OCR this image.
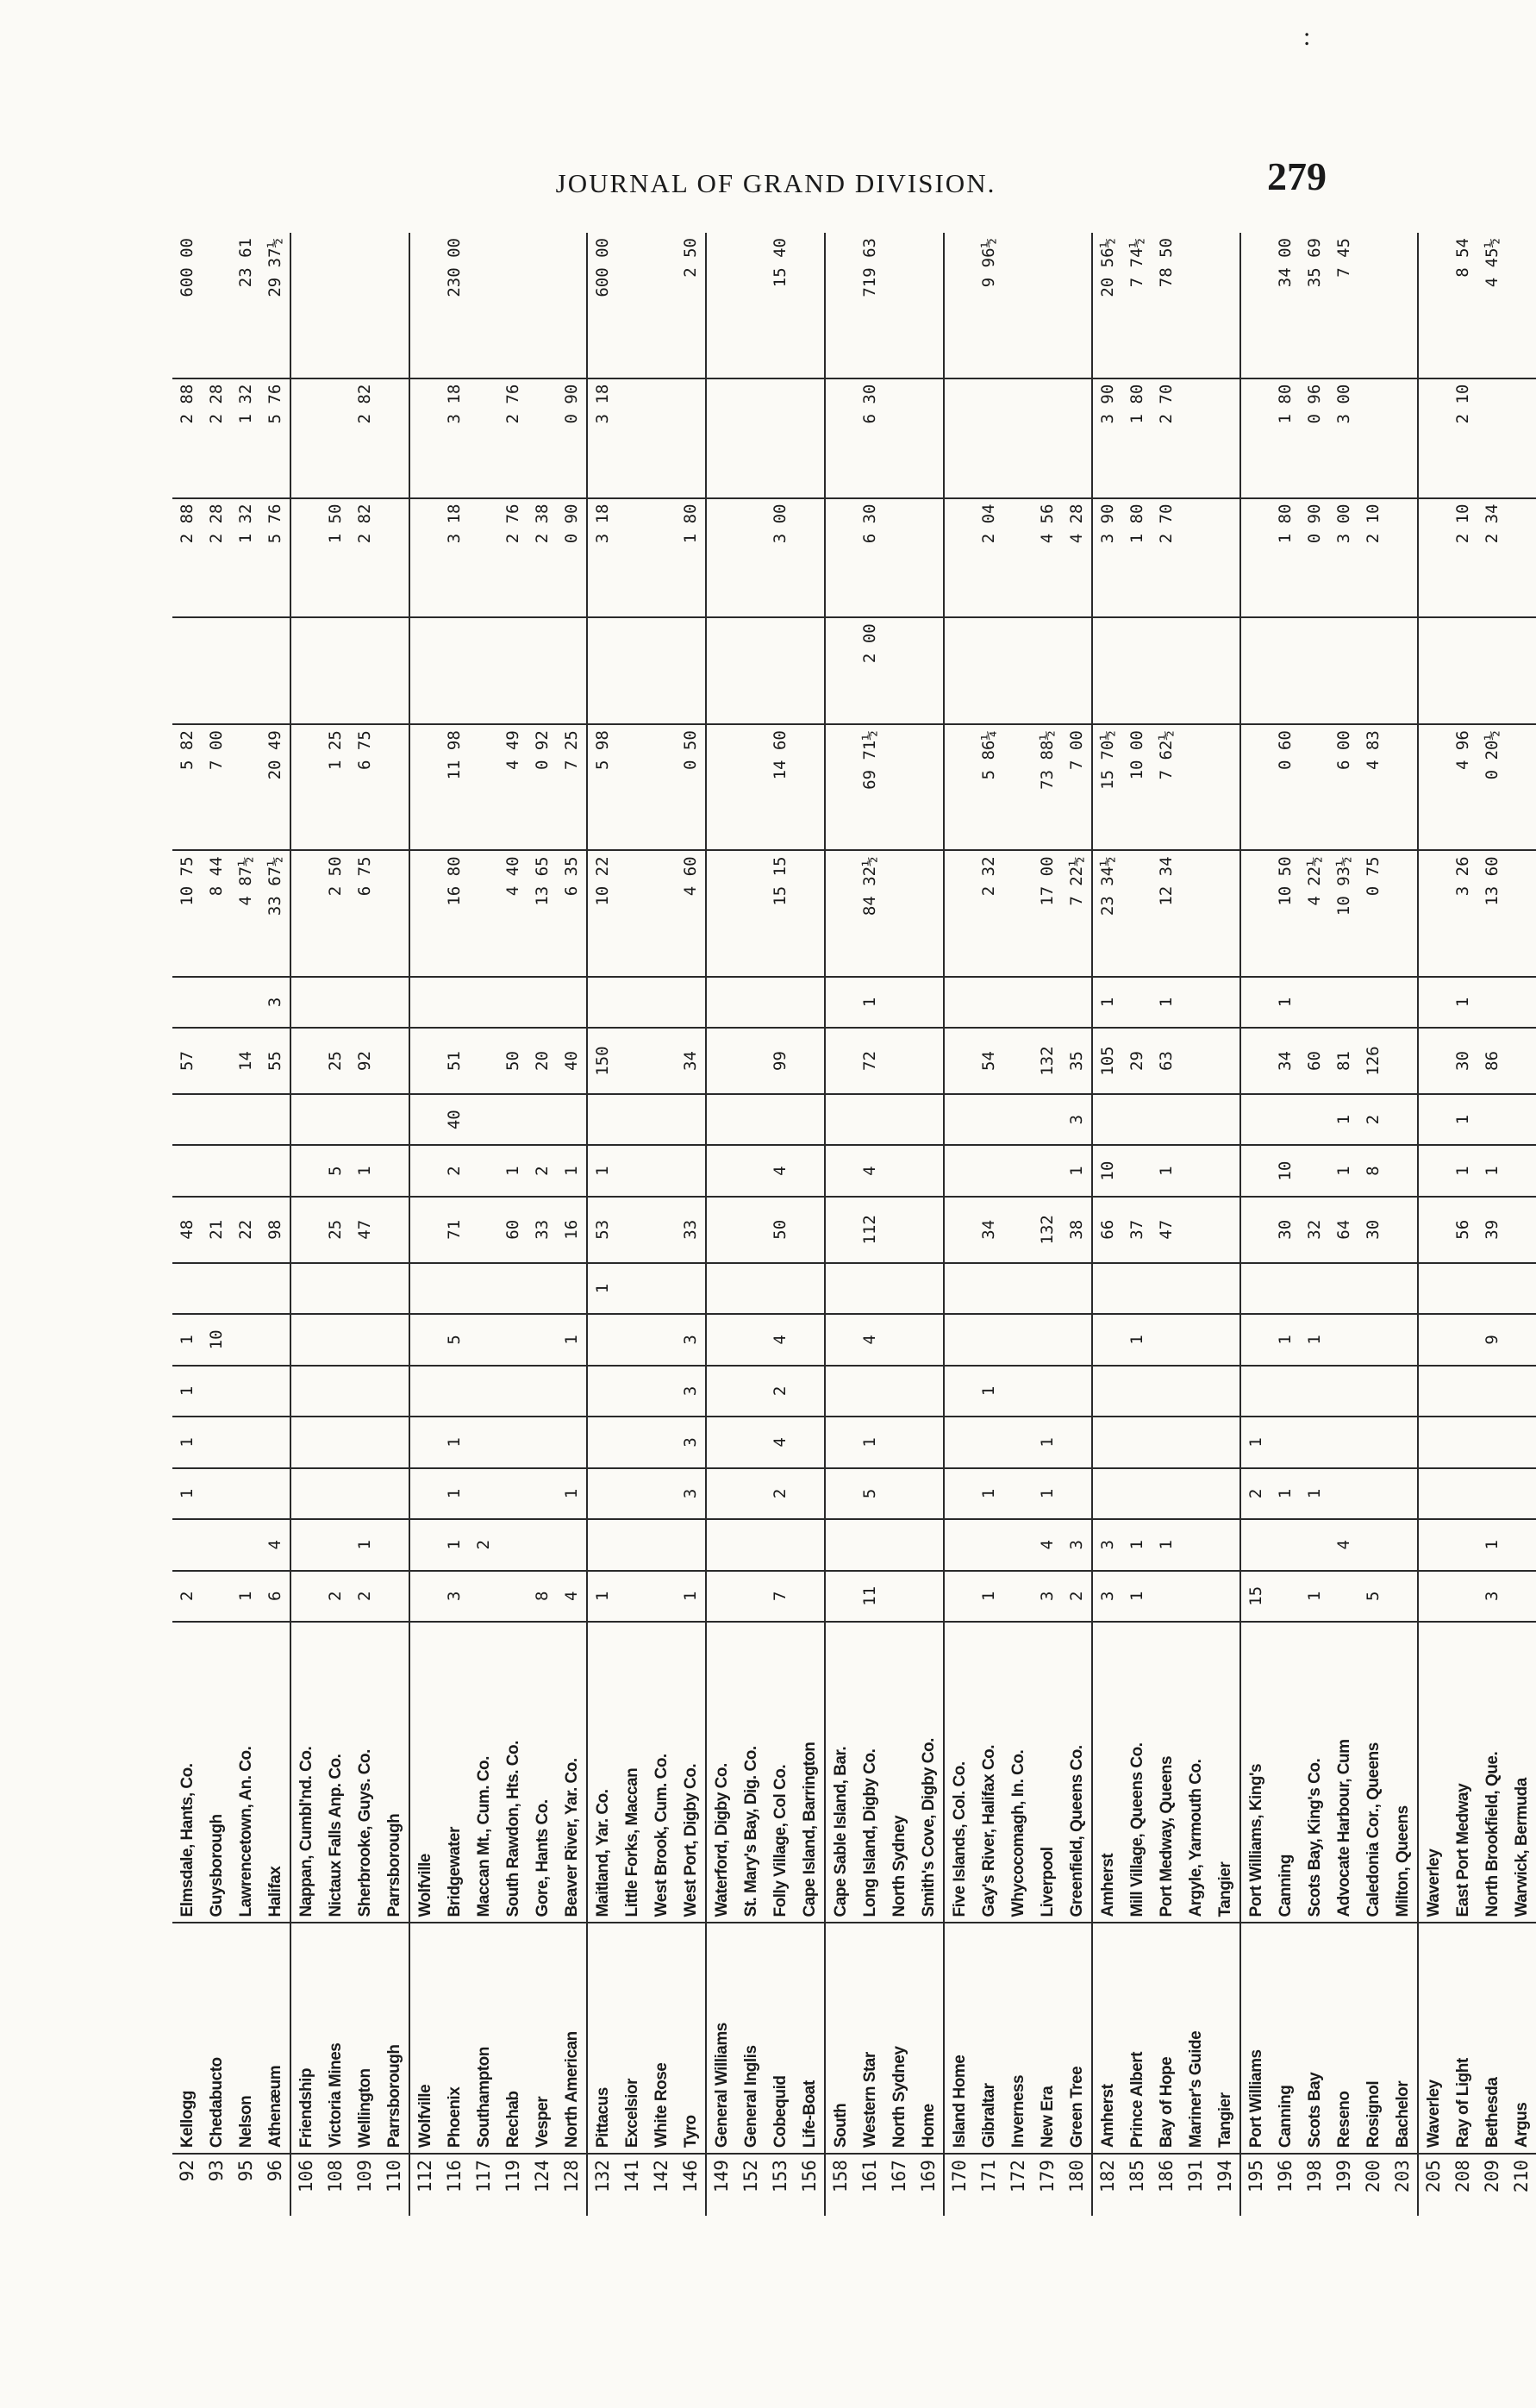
:
JOURNAL OF GRAND DIVISION.	279
92	Kellogg	Elmsdale, Hants, Co.	2		1	1	1	1		48			57		10 75	5 82		2 88	2 88	600 00
93	Chedabucto	Guysborough						10		21					8 44	7 00		2 28	2 28	
95	Nelson	Lawrencetown, An. Co.	1							22			14		4 87½			1 32	1 32	23 61
96	Athenæum	Halifax	6	4						98			55	3	33 67½	20 49		5 76	5 76	29 37½
106	Friendship	Nappan, Cumbl'nd. Co.																		
108	Victoria Mines	Nictaux Falls Anp. Co.	2							25	5		25		2 50	1 25		1 50		
109	Wellington	Sherbrooke, Guys. Co.	2	1						47	1		92		6 75	6 75		2 82	2 82	
110	Parrsborough	Parrsborough																		
112	Wolfville	Wolfville																		
116	Phoenix	Bridgewater	3	1	1	1		5		71	2	40	51		16 80	11 98		3 18	3 18	230 00
117	Southampton	Maccan Mt., Cum. Co.		2																
119	Rechab	South Rawdon, Hts. Co.								60	1		50		4 40	4 49		2 76	2 76	
124	Vesper	Gore, Hants Co.	8							33	2		20		13 65	0 92		2 38		
128	North American	Beaver River, Yar. Co.	4		1			1		16	1		40		6 35	7 25		0 90	0 90	
132	Pittacus	Maitland, Yar. Co.	1						1	53	1		150		10 22	5 98		3 18	3 18	600 00
141	Excelsior	Little Forks, Maccan																		
142	White Rose	West Brook, Cum. Co.																		
146	Tyro	West Port, Digby Co.	1		3	3	3	3		33			34		4 60	0 50		1 80		2 50
149	General Williams	Waterford, Digby Co.																		
152	General Inglis	St. Mary's Bay, Dig. Co.																		
153	Cobequid	Folly Village, Col Co.	7		2	4	2	4		50	4		99		15 15	14 60		3 00		15 40
156	Life-Boat	Cape Island, Barrington																		
158	South	Cape Sable Island, Bar.																		
161	Western Star	Long Island, Digby Co.	11		5	1		4		112	4		72	1	84 32½	69 71½	2 00	6 30	6 30	719 63
167	North Sydney	North Sydney																		
169	Home	Smith's Cove, Digby Co.																		
170	Island Home	Five Islands, Col. Co.																		
171	Gibraltar	Gay's River, Halifax Co.	1		1		1			34			54		2 32	5 86¼		2 04		9 96½
172	Inverness	Whycocomagh, In. Co.																		
179	New Era	Liverpool	3	4	1	1				132			132		17 00	73 88½		4 56		
180	Green Tree	Greenfield, Queens Co.	2	3						38	1	3	35		7 22½	7 00		4 28		
182	Amherst	Amherst	3	3						66	10		105	1	23 34½	15 70½		3 90	3 90	20 56½
185	Prince Albert	Mill Village, Queens Co.	1	1				1		37			29			10 00		1 80	1 80	7 74½
186	Bay of Hope	Port Medway, Queens		1						47	1		63	1	12 34	7 62½		2 70	2 70	78 50
191	Mariner's Guide	Argyle, Yarmouth Co.																		
194	Tangier	Tangier																		
195	Port Williams	Port Williams, King's	15		2	1														
196	Canning	Canning			1			1		30	10		34	1	10 50	0 60		1 80	1 80	34 00
198	Scots Bay	Scots Bay, King's Co.	1		1			1		32			60		4 22½			0 90	0 96	35 69
199	Reseno	Advocate Harbour, Cum		4						64	1	1	81		10 93½	6 00		3 00	3 00	7 45
200	Rosignol	Caledonia Cor., Queens	5							30	8	2	126		0 75	4 83		2 10		
203	Bachelor	Milton, Queens																		
205	Waverley	Waverley																		
208	Ray of Light	East Port Medway								56	1	1	30	1	3 26	4 96		2 10	2 10	8 54
209	Bethesda	North Brookfield, Que.	3	1				9		39	1		86		13 60	0 20½		2 34		4 45½
210	Argus	Warwick, Bermuda																		
